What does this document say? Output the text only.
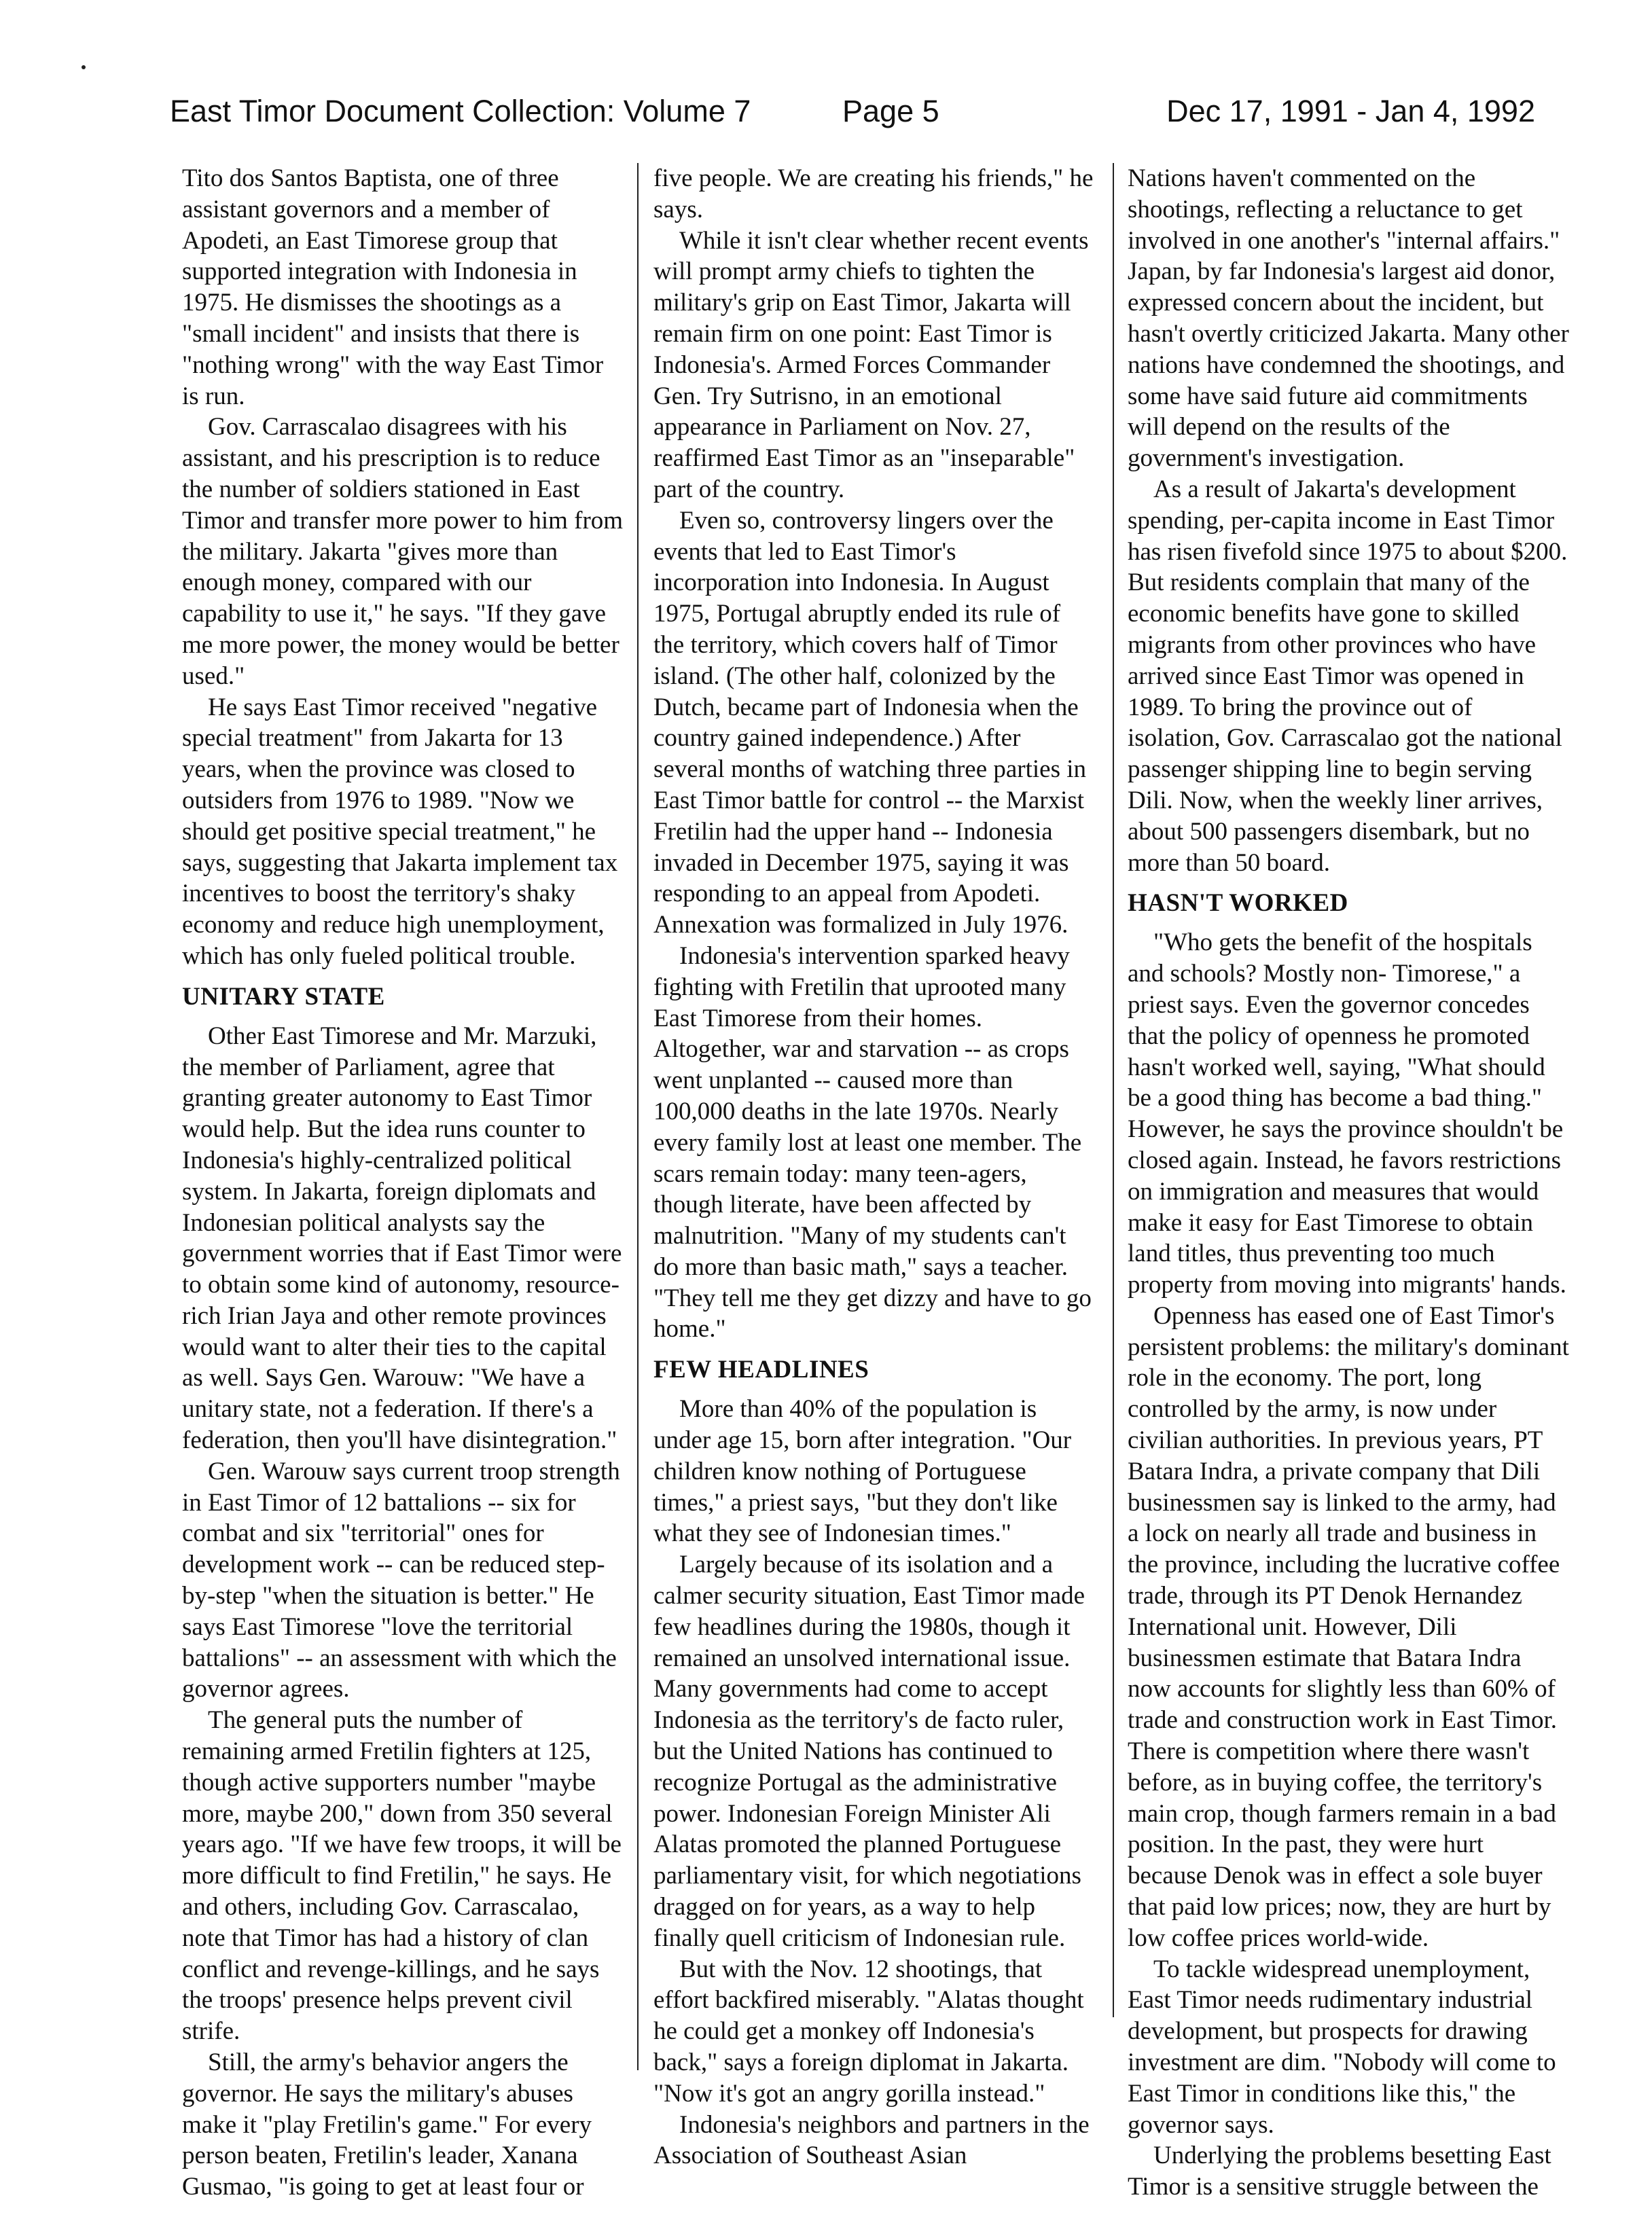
East Timor Document Collection: Volume 7	Page 5	Dec 17, 1991 - Jan 4, 1992

Tito dos Santos Baptista, one of three assistant governors and a member of Apodeti, an East Timorese group that supported integration with Indonesia in 1975. He dismisses the shootings as a "small incident" and insists that there is "nothing wrong" with the way East Timor is run.

Gov. Carrascalao disagrees with his assistant, and his prescription is to reduce the number of soldiers stationed in East Timor and transfer more power to him from the military. Jakarta "gives more than enough money, compared with our capability to use it," he says. "If they gave me more power, the money would be better used."

He says East Timor received "negative special treatment" from Jakarta for 13 years, when the province was closed to outsiders from 1976 to 1989. "Now we should get positive special treatment," he says, suggesting that Jakarta implement tax incentives to boost the territory's shaky economy and reduce high unemployment, which has only fueled political trouble.

UNITARY STATE

Other East Timorese and Mr. Marzuki, the member of Parliament, agree that granting greater autonomy to East Timor would help. But the idea runs counter to Indonesia's highly-centralized political system. In Jakarta, foreign diplomats and Indonesian political analysts say the government worries that if East Timor were to obtain some kind of autonomy, resource-rich Irian Jaya and other remote provinces would want to alter their ties to the capital as well. Says Gen. Warouw: "We have a unitary state, not a federation. If there's a federation, then you'll have disintegration."

Gen. Warouw says current troop strength in East Timor of 12 battalions -- six for combat and six "territorial" ones for development work -- can be reduced step-by-step "when the situation is better." He says East Timorese "love the territorial battalions" -- an assessment with which the governor agrees.

The general puts the number of remaining armed Fretilin fighters at 125, though active supporters number "maybe more, maybe 200," down from 350 several years ago. "If we have few troops, it will be more difficult to find Fretilin," he says. He and others, including Gov. Carrascalao, note that Timor has had a history of clan conflict and revenge-killings, and he says the troops' presence helps prevent civil strife.

Still, the army's behavior angers the governor. He says the military's abuses make it "play Fretilin's game." For every person beaten, Fretilin's leader, Xanana Gusmao, "is going to get at least four or

five people. We are creating his friends," he says.

While it isn't clear whether recent events will prompt army chiefs to tighten the military's grip on East Timor, Jakarta will remain firm on one point: East Timor is Indonesia's. Armed Forces Commander Gen. Try Sutrisno, in an emotional appearance in Parliament on Nov. 27, reaffirmed East Timor as an "inseparable" part of the country.

Even so, controversy lingers over the events that led to East Timor's incorporation into Indonesia. In August 1975, Portugal abruptly ended its rule of the territory, which covers half of Timor island. (The other half, colonized by the Dutch, became part of Indonesia when the country gained independence.) After several months of watching three parties in East Timor battle for control -- the Marxist Fretilin had the upper hand -- Indonesia invaded in December 1975, saying it was responding to an appeal from Apodeti. Annexation was formalized in July 1976.

Indonesia's intervention sparked heavy fighting with Fretilin that uprooted many East Timorese from their homes. Altogether, war and starvation -- as crops went unplanted -- caused more than 100,000 deaths in the late 1970s. Nearly every family lost at least one member. The scars remain today: many teen-agers, though literate, have been affected by malnutrition. "Many of my students can't do more than basic math," says a teacher. "They tell me they get dizzy and have to go home."

FEW HEADLINES

More than 40% of the population is under age 15, born after integration. "Our children know nothing of Portuguese times," a priest says, "but they don't like what they see of Indonesian times."

Largely because of its isolation and a calmer security situation, East Timor made few headlines during the 1980s, though it remained an unsolved international issue. Many governments had come to accept Indonesia as the territory's de facto ruler, but the United Nations has continued to recognize Portugal as the administrative power. Indonesian Foreign Minister Ali Alatas promoted the planned Portuguese parliamentary visit, for which negotiations dragged on for years, as a way to help finally quell criticism of Indonesian rule.

But with the Nov. 12 shootings, that effort backfired miserably. "Alatas thought he could get a monkey off Indonesia's back," says a foreign diplomat in Jakarta. "Now it's got an angry gorilla instead."

Indonesia's neighbors and partners in the Association of Southeast Asian

Nations haven't commented on the shootings, reflecting a reluctance to get involved in one another's "internal affairs." Japan, by far Indonesia's largest aid donor, expressed concern about the incident, but hasn't overtly criticized Jakarta. Many other nations have condemned the shootings, and some have said future aid commitments will depend on the results of the government's investigation.

As a result of Jakarta's development spending, per-capita income in East Timor has risen fivefold since 1975 to about $200. But residents complain that many of the economic benefits have gone to skilled migrants from other provinces who have arrived since East Timor was opened in 1989. To bring the province out of isolation, Gov. Carrascalao got the national passenger shipping line to begin serving Dili. Now, when the weekly liner arrives, about 500 passengers disembark, but no more than 50 board.

HASN'T WORKED

"Who gets the benefit of the hospitals and schools? Mostly non- Timorese," a priest says. Even the governor concedes that the policy of openness he promoted hasn't worked well, saying, "What should be a good thing has become a bad thing." However, he says the province shouldn't be closed again. Instead, he favors restrictions on immigration and measures that would make it easy for East Timorese to obtain land titles, thus preventing too much property from moving into migrants' hands.

Openness has eased one of East Timor's persistent problems: the military's dominant role in the economy. The port, long controlled by the army, is now under civilian authorities. In previous years, PT Batara Indra, a private company that Dili businessmen say is linked to the army, had a lock on nearly all trade and business in the province, including the lucrative coffee trade, through its PT Denok Hernandez International unit. However, Dili businessmen estimate that Batara Indra now accounts for slightly less than 60% of trade and construction work in East Timor. There is competition where there wasn't before, as in buying coffee, the territory's main crop, though farmers remain in a bad position. In the past, they were hurt because Denok was in effect a sole buyer that paid low prices; now, they are hurt by low coffee prices world-wide.

To tackle widespread unemployment, East Timor needs rudimentary industrial development, but prospects for drawing investment are dim. "Nobody will come to East Timor in conditions like this," the governor says.

Underlying the problems besetting East Timor is a sensitive struggle between the
